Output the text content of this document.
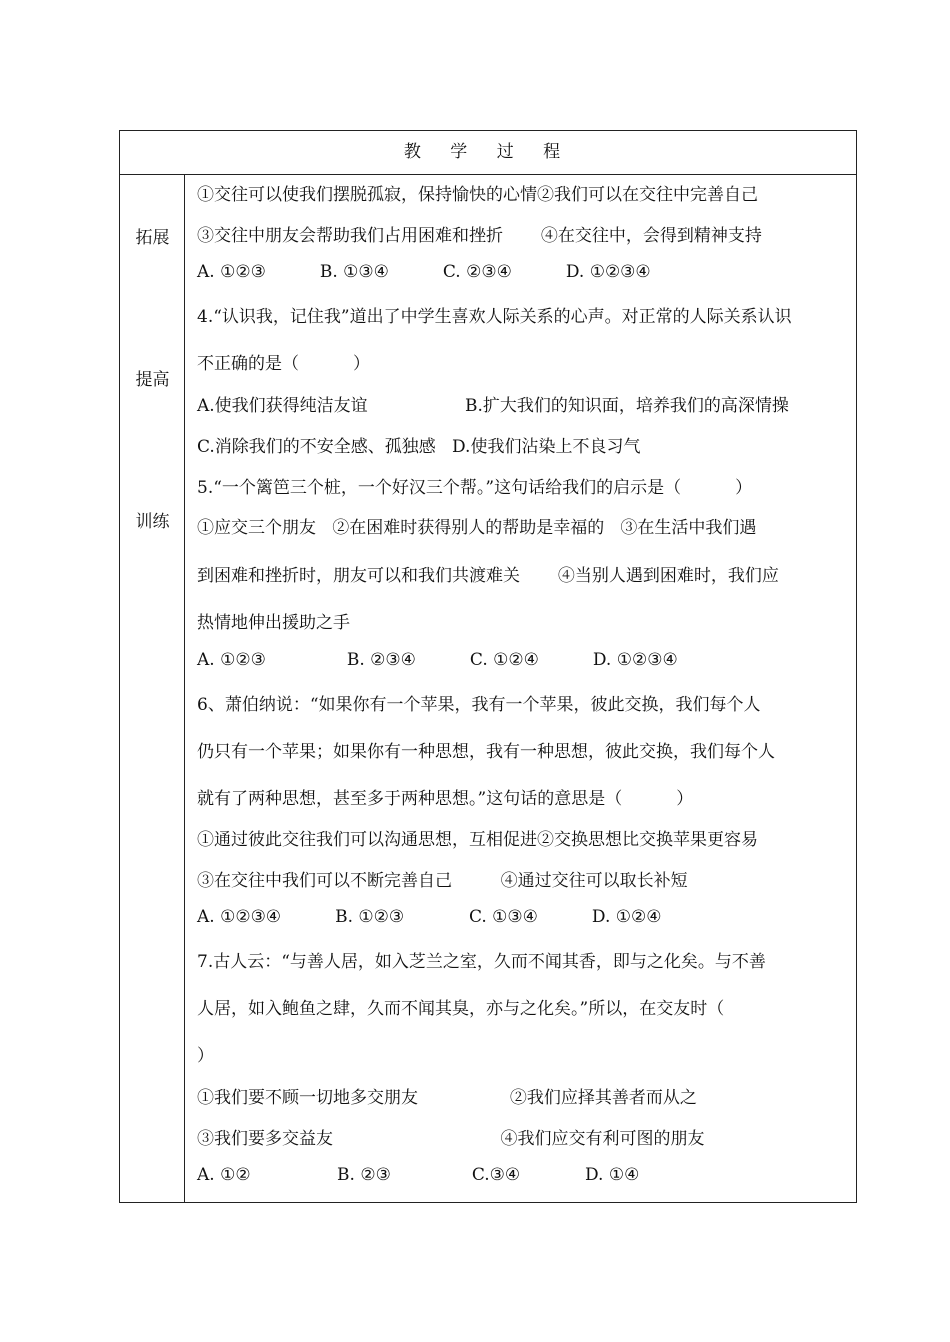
教 学 过 程
拓展
提高
训练
①交往可以使我们摆脱孤寂，保持愉快的心情②我们可以在交往中完善自己
③交往中朋友会帮助我们占用困难和挫折       ④在交往中，会得到精神支持
A. ①②③          B. ①③④          C. ②③④          D. ①②③④
4.“认识我，记住我”道出了中学生喜欢人际关系的心声。对正常的人际关系认识
不正确的是（          ）
A.使我们获得纯洁友谊                  B.扩大我们的知识面，培养我们的高深情操
C.消除我们的不安全感、孤独感   D.使我们沾染上不良习气
5.“一个篱笆三个桩，一个好汉三个帮。”这句话给我们的启示是（          ）
①应交三个朋友   ②在困难时获得别人的帮助是幸福的   ③在生活中我们遇
到困难和挫折时，朋友可以和我们共渡难关       ④当别人遇到困难时，我们应
热情地伸出援助之手
A. ①②③               B. ②③④          C. ①②④          D. ①②③④
6、萧伯纳说：“如果你有一个苹果，我有一个苹果，彼此交换，我们每个人
仍只有一个苹果；如果你有一种思想，我有一种思想，彼此交换，我们每个人
就有了两种思想，甚至多于两种思想。”这句话的意思是（          ）
①通过彼此交往我们可以沟通思想，互相促进②交换思想比交换苹果更容易
③在交往中我们可以不断完善自己         ④通过交往可以取长补短
A. ①②③④          B. ①②③            C. ①③④          D. ①②④
7.古人云：“与善人居，如入芝兰之室，久而不闻其香，即与之化矣。与不善
人居，如入鲍鱼之肆，久而不闻其臭，亦与之化矣。”所以，在交友时（
）
①我们要不顾一切地多交朋友                 ②我们应择其善者而从之
③我们要多交益友                               ④我们应交有利可图的朋友
A. ①②                B. ②③               C.③④            D. ①④
